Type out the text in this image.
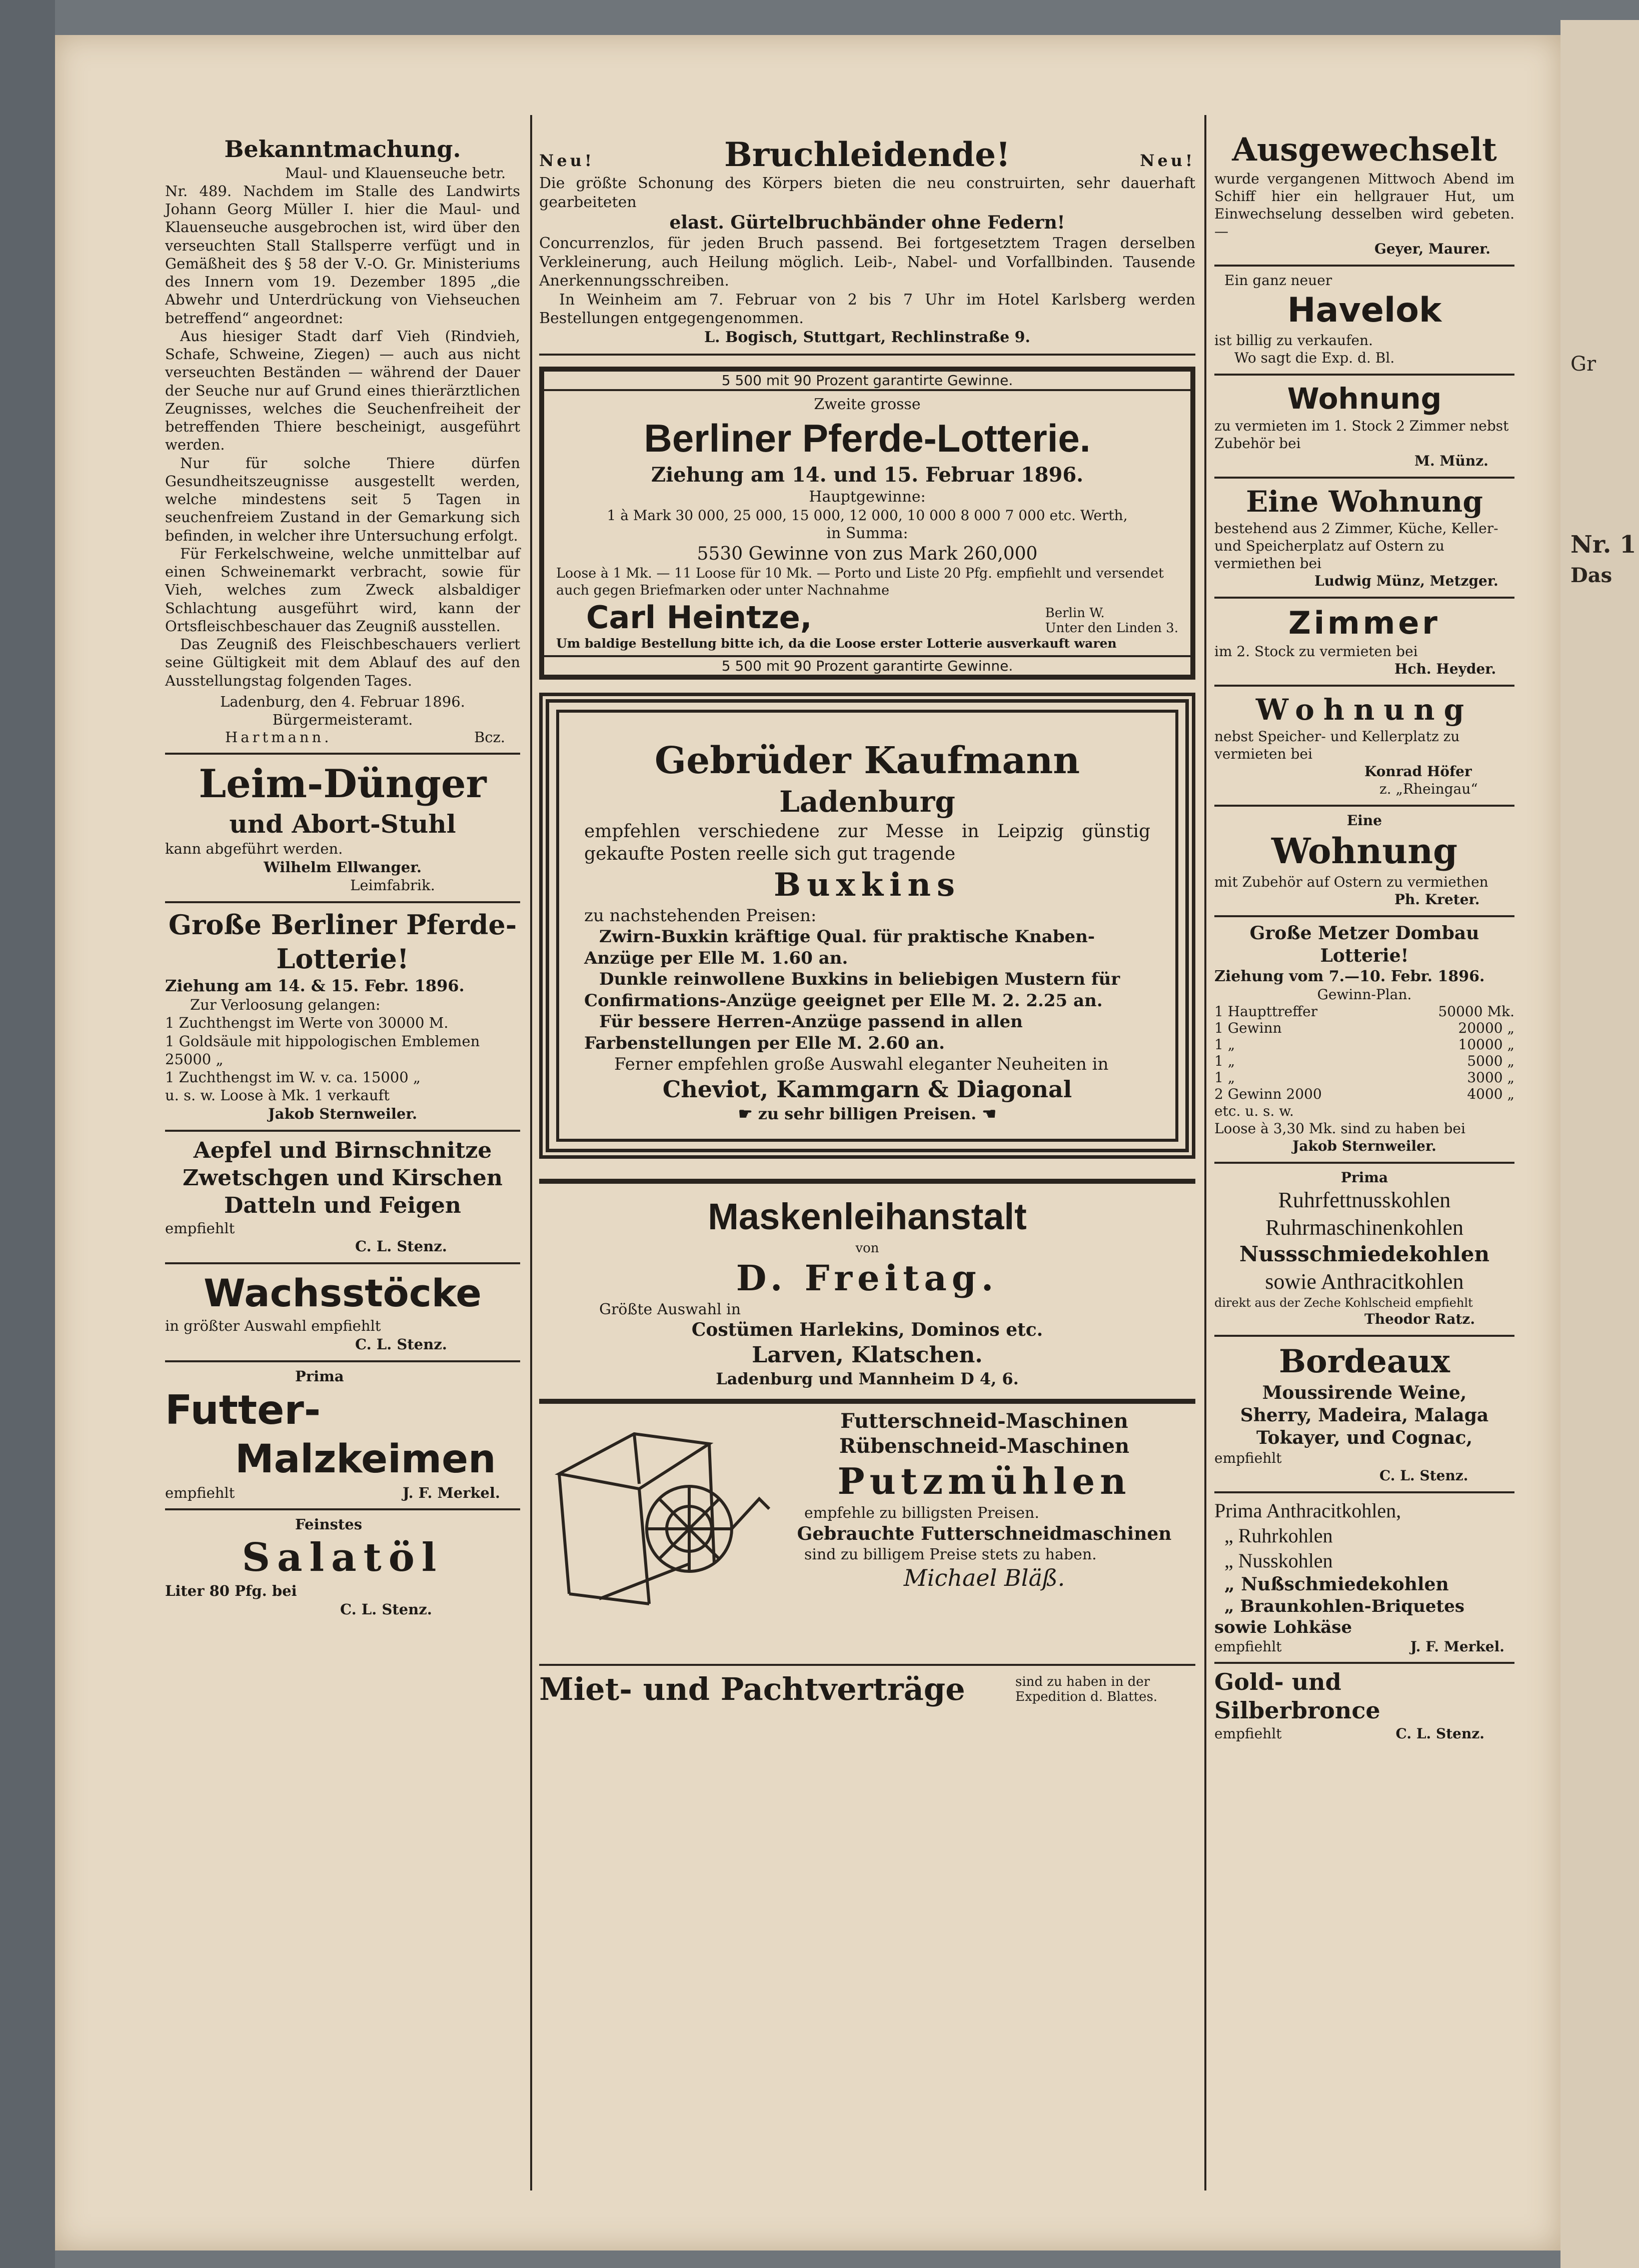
Gr
Nr. 1
Das

Bekanntmachung.

Maul- und Klauenseuche betr.

Nr. 489. Nachdem im Stalle des Landwirts Johann Georg Müller I. hier die Maul- und Klauenseuche ausgebrochen ist, wird über den verseuchten Stall Stallsperre verfügt und in Gemäßheit des § 58 der V.-O. Gr. Ministeriums des Innern vom 19. Dezember 1895 „die Abwehr und Unterdrückung von Viehseuchen betreffend“ angeordnet:

Aus hiesiger Stadt darf Vieh (Rindvieh, Schafe, Schweine, Ziegen) — auch aus nicht verseuchten Beständen — während der Dauer der Seuche nur auf Grund eines thierärztlichen Zeugnisses, welches die Seuchenfreiheit der betreffenden Thiere bescheinigt, ausgeführt werden.

Nur für solche Thiere dürfen Gesundheitszeugnisse ausgestellt werden, welche mindestens seit 5 Tagen in seuchenfreiem Zustand in der Gemarkung sich befinden, in welcher ihre Untersuchung erfolgt.

Für Ferkelschweine, welche unmittelbar auf einen Schweinemarkt verbracht, sowie für Vieh, welches zum Zweck alsbaldiger Schlachtung ausgeführt wird, kann der Ortsfleischbeschauer das Zeugniß ausstellen.

Das Zeugniß des Fleischbeschauers verliert seine Gültigkeit mit dem Ablauf des auf den Ausstellungstag folgenden Tages.

Ladenburg, den 4. Februar 1896.

Bürgermeisteramt.

Hartmann.	Bcz.

Leim-Dünger

und Abort-Stuhl

kann abgeführt werden.

Wilhelm Ellwanger.

Leimfabrik.

Große Berliner Pferde-Lotterie!

Ziehung am 14. & 15. Febr. 1896.

Zur Verloosung gelangen:

1 Zuchthengst im Werte von 30000 M.

1 Goldsäule mit hippologischen Emblemen 25000 „

1 Zuchthengst im W. v. ca. 15000 „

u. s. w. Loose à Mk. 1 verkauft

Jakob Sternweiler.

Aepfel und Birnschnitze

Zwetschgen und Kirschen

Datteln und Feigen

empfiehlt

C. L. Stenz.

Wachsstöcke

in größter Auswahl empfiehlt

C. L. Stenz.

Prima

Futter-

Malzkeimen

empfiehlt	J. F. Merkel.

Feinstes

Salatöl

Liter 80 Pfg. bei

C. L. Stenz.

Neu!	Bruchleidende!	Neu!

Die größte Schonung des Körpers bieten die neu construirten, sehr dauerhaft gearbeiteten

elast. Gürtelbruchbänder ohne Federn!

Concurrenzlos, für jeden Bruch passend. Bei fortgesetztem Tragen derselben Verkleinerung, auch Heilung möglich. Leib-, Nabel- und Vorfallbinden. Tausende Anerkennungsschreiben.

In Weinheim am 7. Februar von 2 bis 7 Uhr im Hotel Karlsberg werden Bestellungen entgegengenommen.

L. Bogisch, Stuttgart, Rechlinstraße 9.

5 500 mit 90 Prozent garantirte Gewinne.

Zweite grosse

Berliner Pferde-Lotterie.

Ziehung am 14. und 15. Februar 1896.

Hauptgewinne:

1 à Mark 30 000, 25 000, 15 000, 12 000, 10 000 8 000 7 000 etc. Werth,

in Summa:

5530 Gewinne von zus Mark 260,000

Loose à 1 Mk. — 11 Loose für 10 Mk. — Porto und Liste 20 Pfg. empfiehlt und versendet auch gegen Briefmarken oder unter Nachnahme

Carl Heintze,	Berlin W.
Unter den Linden 3.

Um baldige Bestellung bitte ich, da die Loose erster Lotterie ausverkauft waren

5 500 mit 90 Prozent garantirte Gewinne.

Gebrüder Kaufmann

Ladenburg

empfehlen verschiedene zur Messe in Leipzig günstig gekaufte Posten reelle sich gut tragende

Buxkins

zu nachstehenden Preisen:

Zwirn-Buxkin kräftige Qual. für praktische Knaben-Anzüge per Elle M. 1.60 an.

Dunkle reinwollene Buxkins in beliebigen Mustern für Confirmations-Anzüge geeignet per Elle M. 2. 2.25 an.

Für bessere Herren-Anzüge passend in allen Farbenstellungen per Elle M. 2.60 an.

Ferner empfehlen große Auswahl eleganter Neuheiten in

Cheviot, Kammgarn & Diagonal

☛ zu sehr billigen Preisen. ☚

Maskenleihanstalt

von

D. Freitag.

Größte Auswahl in

Costümen Harlekins, Dominos etc.

Larven, Klatschen.

Ladenburg und Mannheim D 4, 6.

Futterschneid-Maschinen

Rübenschneid-Maschinen

Putzmühlen

empfehle zu billigsten Preisen.

Gebrauchte Futterschneidmaschinen

sind zu billigem Preise stets zu haben.

Michael Bläß.

Miet- und Pachtverträge	sind zu haben in der Expedition d. Blattes.

Ausgewechselt

wurde vergangenen Mittwoch Abend im Schiff hier ein hellgrauer Hut, um Einwechselung desselben wird gebeten. —

Geyer, Maurer.

Ein ganz neuer

Havelok

ist billig zu verkaufen.

Wo sagt die Exp. d. Bl.

Wohnung

zu vermieten im 1. Stock 2 Zimmer nebst Zubehör bei

M. Münz.

Eine Wohnung

bestehend aus 2 Zimmer, Küche, Keller- und Speicherplatz auf Ostern zu vermiethen bei

Ludwig Münz, Metzger.

Zimmer

im 2. Stock zu vermieten bei

Hch. Heyder.

Wohnung

nebst Speicher- und Kellerplatz zu vermieten bei

Konrad Höfer

z. „Rheingau“

Eine

Wohnung

mit Zubehör auf Ostern zu vermiethen

Ph. Kreter.

Große Metzer Dombau Lotterie!

Ziehung vom 7.—10. Febr. 1896.

Gewinn-Plan.

1 Haupttreffer	50000 Mk.
1 Gewinn	20000 „
1 „	10000 „
1 „	5000 „
1 „	3000 „
2 Gewinn 2000	4000 „

etc. u. s. w.

Loose à 3,30 Mk. sind zu haben bei

Jakob Sternweiler.

Prima

Ruhrfettnusskohlen

Ruhrmaschinenkohlen

Nussschmiedekohlen

sowie Anthracitkohlen

direkt aus der Zeche Kohlscheid empfiehlt

Theodor Ratz.

Bordeaux

Moussirende Weine,

Sherry, Madeira, Malaga

Tokayer, und Cognac,

empfiehlt

C. L. Stenz.

Prima Anthracitkohlen,

„ Ruhrkohlen

„ Nusskohlen

„ Nußschmiedekohlen

„ Braunkohlen-Briquetes

sowie Lohkäse

empfiehlt	J. F. Merkel.

Gold- und Silberbronce

empfiehlt	C. L. Stenz.
